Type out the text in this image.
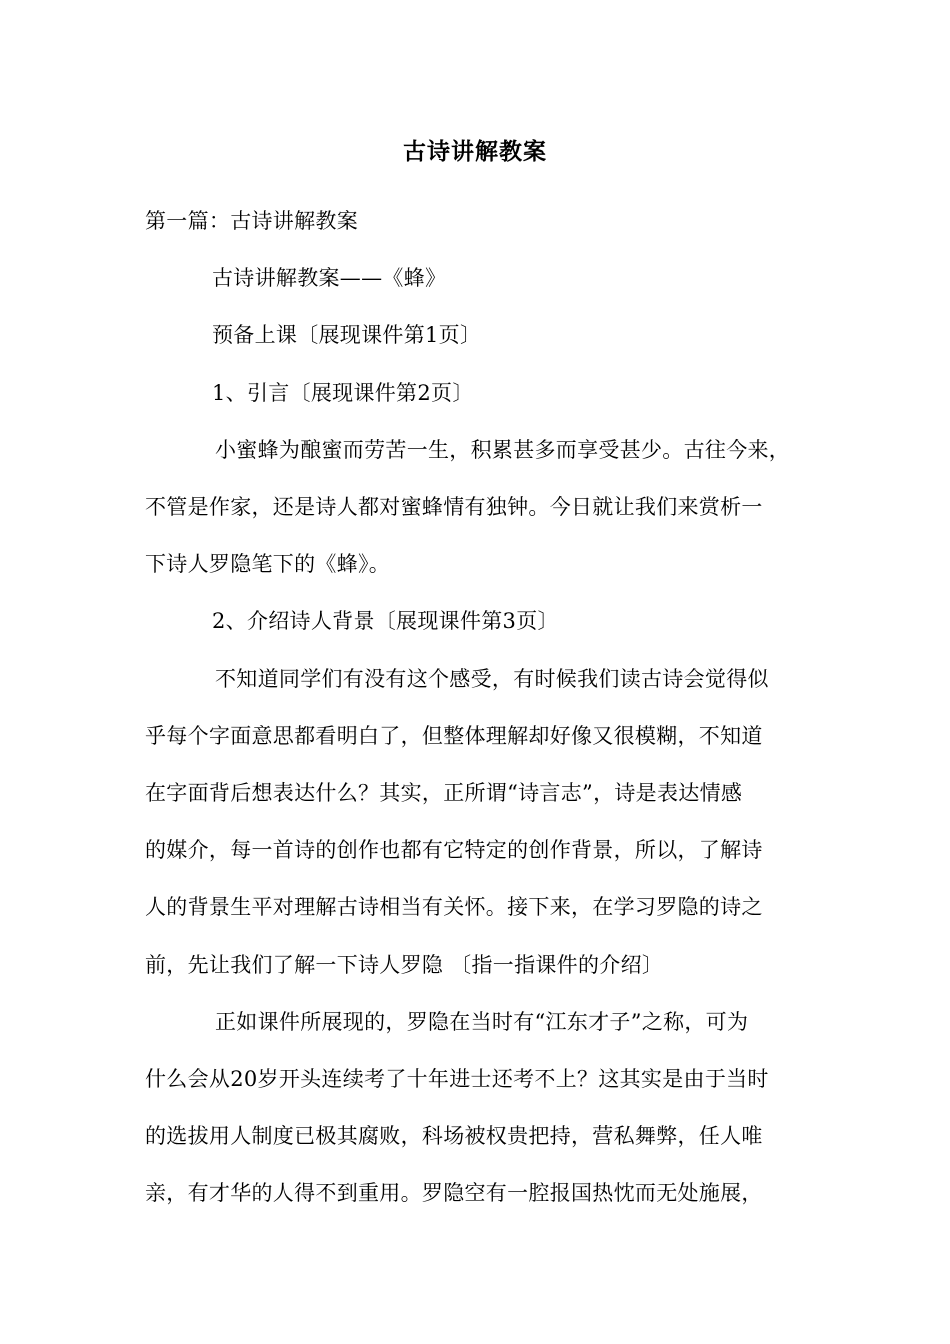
古诗讲解教案
第一篇：古诗讲解教案
古诗讲解教案——《蜂》
预备上课〔展现课件第1页〕
1、引言〔展现课件第2页〕
小蜜蜂为酿蜜而劳苦一生，积累甚多而享受甚少。古往今来，
不管是作家，还是诗人都对蜜蜂情有独钟。今日就让我们来赏析一
下诗人罗隐笔下的《蜂》。
2、介绍诗人背景〔展现课件第3页〕
不知道同学们有没有这个感受，有时候我们读古诗会觉得似
乎每个字面意思都看明白了，但整体理解却好像又很模糊，不知道
在字面背后想表达什么？其实，正所谓“诗言志”，诗是表达情感
的媒介，每一首诗的创作也都有它特定的创作背景，所以，了解诗
人的背景生平对理解古诗相当有关怀。接下来，在学习罗隐的诗之
前，先让我们了解一下诗人罗隐 〔指一指课件的介绍〕
正如课件所展现的，罗隐在当时有“江东才子”之称，可为
什么会从20岁开头连续考了十年进士还考不上？这其实是由于当时
的选拔用人制度已极其腐败，科场被权贵把持，营私舞弊，任人唯
亲，有才华的人得不到重用。罗隐空有一腔报国热忱而无处施展，
